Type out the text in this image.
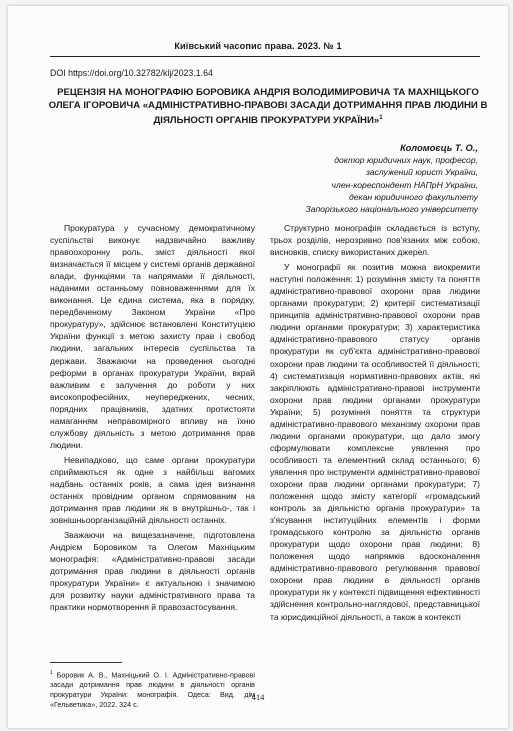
Київський часопис права. 2023. № 1
DOI https://doi.org/10.32782/klj/2023.1.64
РЕЦЕНЗІЯ НА МОНОГРАФІЮ БОРОВИКА АНДРІЯ ВОЛОДИМИРОВИЧА ТА МАХНІЦЬКОГО ОЛЕГА ІГОРОВИЧА «АДМІНІСТРАТИВНО-ПРАВОВІ ЗАСАДИ ДОТРИМАННЯ ПРАВ ЛЮДИНИ В ДІЯЛЬНОСТІ ОРГАНІВ ПРОКУРАТУРИ УКРАЇНИ»$^1$
Коломоєць Т. О.,
доктор юридичних наук, професор,
заслужений юрист України,
член-кореспондент НАПрН України,
декан юридичного факультету
Запорізького національного університету

Прокуратура у сучасному демократичному суспільстві виконує надзвичайно важливу правоохоронну роль, зміст діяльності якої визначається її місцем у системі органів державної влади, функціями та напрямами її діяльності, наданими останньому повноваженнями для їх виконання. Це єдина система, яка в порядку, передбаченому Законом України «Про прокуратуру», здійснює встановлені Конституцією України функції з метою захисту прав і свобод людини, загальних інтересів суспільства та держави. Зважаючи на проведення сьогодні реформи в органах прокуратури України, вкрай важливим є залучення до роботи у них високопрофесійних, неупереджених, чесних, порядних працівників, здатних протистояти намаганням неправомірного впливу на їхню службову діяльність з метою дотримання прав людини.

Невипадково, що саме органи прокуратури сприймаються як одне з найбільш вагомих надбань останніх років, а сама ідея визнання останніх провідним органом спрямованим на дотримання прав людини як в внутрішньо-, так і зовнішньоорганізаційній діяльності останніх.

Зважаючи на вищезазначене, підготовлена Андрієм Боровиком та Олегом Махніцьким монографія: «Адміністративно-правові засади дотримання прав людини в діяльності органів прокуратури України» є актуальною і значимою для розвитку науки адміністративного права та практики нормотворення й правозастосування.

Структурно монографія складається із вступу, трьох розділів, нерозривно пов'язаних між собою, висновків, списку використаних джерел.

У монографії як позитив можна виокремити наступні положення: 1) розуміння змісту та поняття адміністративно-правової охорони прав людини органами прокуратури; 2) критерії систематизації принципів адміністративно-правової охорони прав людини органами прокуратури; 3) характеристика адміністративно-правового статусу органів прокуратури як суб'єкта адміністративно-правової охорони прав людини та особливостей її діяльності; 4) систематизація нормативно-правових актів, які закріплюють адміністративно-правові інструменти охорони прав людини органами прокуратури України; 5) розуміння поняття та структури адміністративно-правового механізму охорони прав людини органами прокуратури, що дало змогу сформулювати комплексне уявлення про особливості та елементний склад останнього; 6) уявлення про інструменти адміністративно-правової охорони прав людини органами прокуратури; 7) положення щодо змісту категорії «громадський контроль за діяльністю органів прокуратури» та з'ясування інституційних елементів і форми громадського контролю за діяльністю органів прокуратури щодо охорони прав людини; 8) положення щодо напрямків вдосконалення адміністративно-правового регулювання правової охорони прав людини в діяльності органів прокуратури як у контексті підвищення ефективності здійснення контрольно-наглядової, представницької та юрисдикційної діяльності, а також в контексті

$^1$ Боровик А. В., Махніцький О. І. Адміністративно-правові засади дотримання прав людини в діяльності органів прокуратури України: монографія. Одеса: Вид. дім «Гельветика», 2022. 324 с.
414
